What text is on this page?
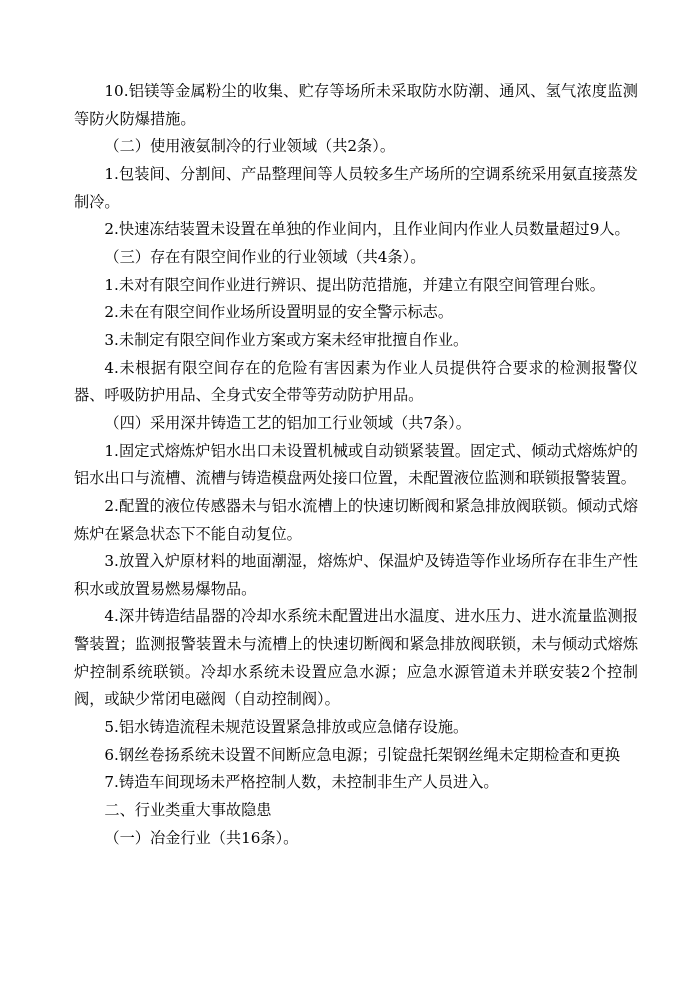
10.铝镁等金属粉尘的收集、贮存等场所未采取防水防潮、通风、氢气浓度监测等防火防爆措施。

（二）使用液氨制冷的行业领域（共2条）。

1.包装间、分割间、产品整理间等人员较多生产场所的空调系统采用氨直接蒸发制冷。

2.快速冻结装置未设置在单独的作业间内，且作业间内作业人员数量超过9人。

（三）存在有限空间作业的行业领域（共4条）。

1.未对有限空间作业进行辨识、提出防范措施，并建立有限空间管理台账。

2.未在有限空间作业场所设置明显的安全警示标志。

3.未制定有限空间作业方案或方案未经审批擅自作业。

4.未根据有限空间存在的危险有害因素为作业人员提供符合要求的检测报警仪器、呼吸防护用品、全身式安全带等劳动防护用品。

（四）采用深井铸造工艺的铝加工行业领域（共7条）。

1.固定式熔炼炉铝水出口未设置机械或自动锁紧装置。固定式、倾动式熔炼炉的铝水出口与流槽、流槽与铸造模盘两处接口位置，未配置液位监测和联锁报警装置。

2.配置的液位传感器未与铝水流槽上的快速切断阀和紧急排放阀联锁。倾动式熔炼炉在紧急状态下不能自动复位。

3.放置入炉原材料的地面潮湿，熔炼炉、保温炉及铸造等作业场所存在非生产性积水或放置易燃易爆物品。

4.深井铸造结晶器的冷却水系统未配置进出水温度、进水压力、进水流量监测报警装置；监测报警装置未与流槽上的快速切断阀和紧急排放阀联锁，未与倾动式熔炼炉控制系统联锁。冷却水系统未设置应急水源；应急水源管道未并联安装2个控制阀，或缺少常闭电磁阀（自动控制阀）。

5.铝水铸造流程未规范设置紧急排放或应急储存设施。

6.钢丝卷扬系统未设置不间断应急电源；引锭盘托架钢丝绳未定期检查和更换

7.铸造车间现场未严格控制人数，未控制非生产人员进入。

二、行业类重大事故隐患

（一）冶金行业（共16条）。
